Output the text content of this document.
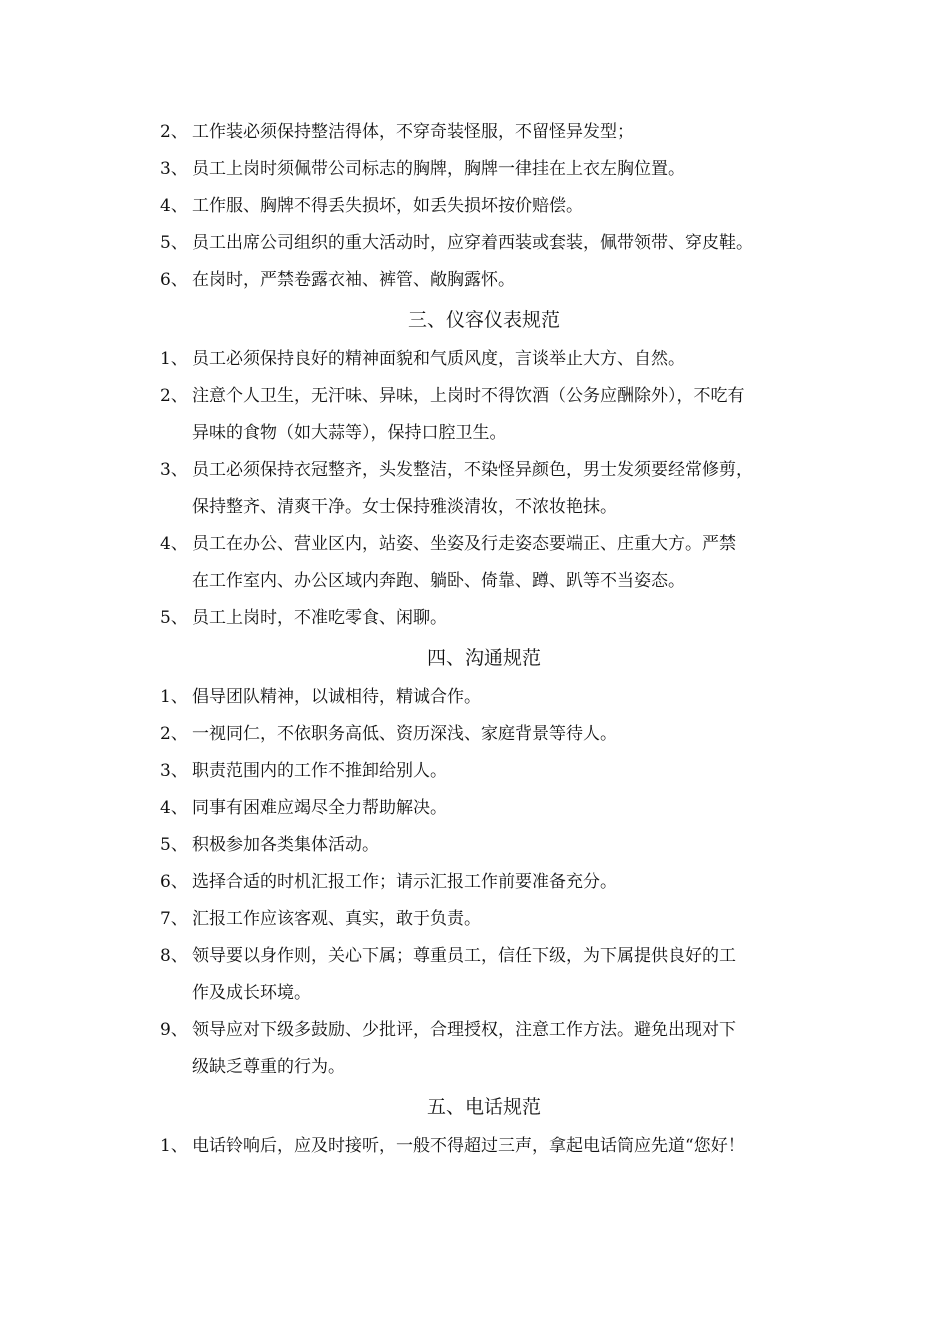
2、 工作装必须保持整洁得体，不穿奇装怪服，不留怪异发型；
3、 员工上岗时须佩带公司标志的胸牌，胸牌一律挂在上衣左胸位置。
4、 工作服、胸牌不得丢失损坏，如丢失损坏按价赔偿。
5、 员工出席公司组织的重大活动时，应穿着西装或套装，佩带领带、穿皮鞋。
6、 在岗时，严禁卷露衣袖、裤管、敞胸露怀。
三、仪容仪表规范
1、 员工必须保持良好的精神面貌和气质风度，言谈举止大方、自然。
2、 注意个人卫生，无汗味、异味，上岗时不得饮酒（公务应酬除外），不吃有
异味的食物（如大蒜等），保持口腔卫生。
3、 员工必须保持衣冠整齐，头发整洁，不染怪异颜色，男士发须要经常修剪，
保持整齐、清爽干净。女士保持雅淡清妆，不浓妆艳抹。
4、 员工在办公、营业区内，站姿、坐姿及行走姿态要端正、庄重大方。严禁
在工作室内、办公区域内奔跑、躺卧、倚靠、蹲、趴等不当姿态。
5、 员工上岗时，不准吃零食、闲聊。
四、沟通规范
1、 倡导团队精神，以诚相待，精诚合作。
2、 一视同仁，不依职务高低、资历深浅、家庭背景等待人。
3、 职责范围内的工作不推卸给别人。
4、 同事有困难应竭尽全力帮助解决。
5、 积极参加各类集体活动。
6、 选择合适的时机汇报工作；请示汇报工作前要准备充分。
7、 汇报工作应该客观、真实，敢于负责。
8、 领导要以身作则，关心下属；尊重员工，信任下级，为下属提供良好的工
作及成长环境。
9、 领导应对下级多鼓励、少批评，合理授权，注意工作方法。避免出现对下
级缺乏尊重的行为。
五、电话规范
1、 电话铃响后，应及时接听，一般不得超过三声，拿起电话筒应先道“您好！
